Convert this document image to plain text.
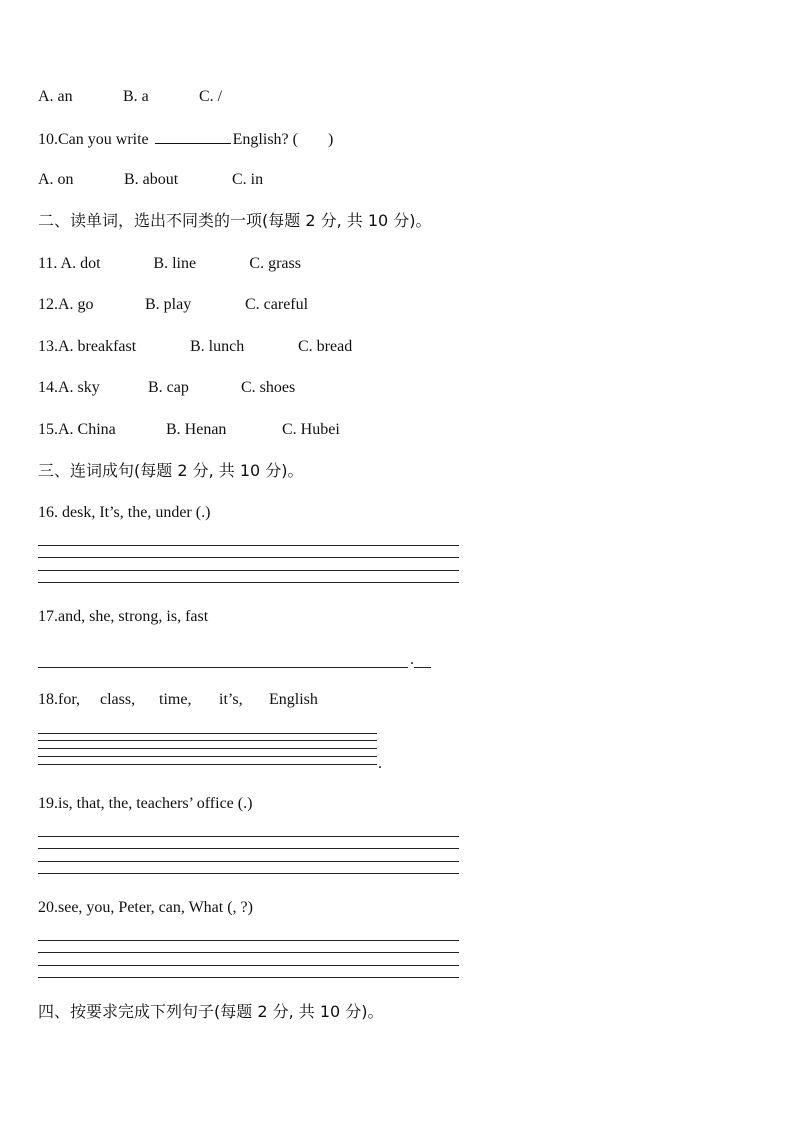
A. an	B. a	C. /
10.Can you write	English? ( )
A. on	B. about	C. in
二、读单词，选出不同类的一项(每题 2 分, 共 10 分)。
11. A. dot	B. line	C. grass
12.A. go	B. play	C. careful
13.A. breakfast	B. lunch	C. bread
14.A. sky	B. cap	C. shoes
15.A. China	B. Henan	C. Hubei
三、连词成句(每题 2 分, 共 10 分)。
16. desk, It’s, the, under (.)
17.and, she, strong, is, fast
.
18.for, class, time, it’s, English
.
19.is, that, the, teachers’ office (.)
20.see, you, Peter, can, What (, ?)
四、按要求完成下列句子(每题 2 分, 共 10 分)。
